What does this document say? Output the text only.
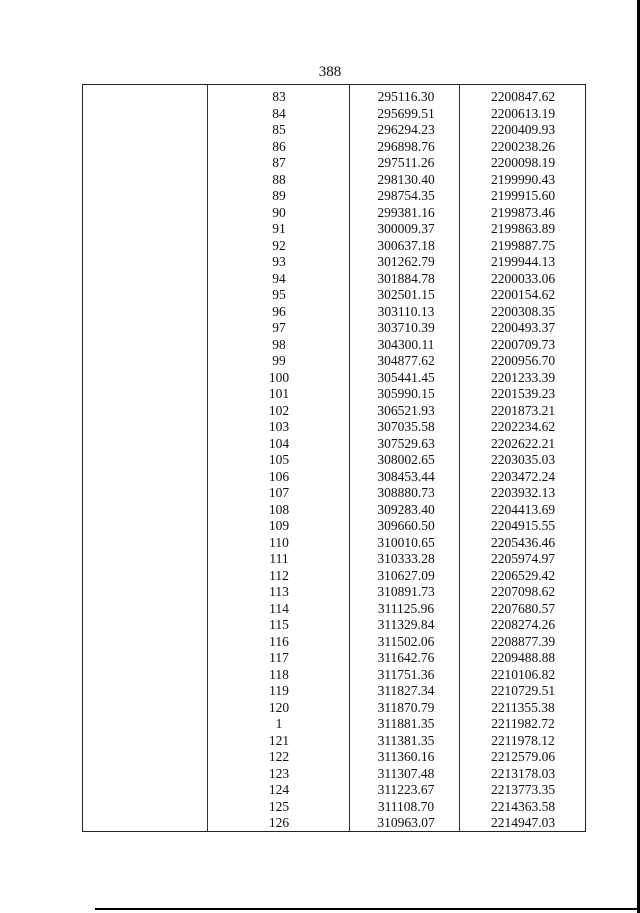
388
83	295116.30	2200847.62
84	295699.51	2200613.19
85	296294.23	2200409.93
86	296898.76	2200238.26
87	297511.26	2200098.19
88	298130.40	2199990.43
89	298754.35	2199915.60
90	299381.16	2199873.46
91	300009.37	2199863.89
92	300637.18	2199887.75
93	301262.79	2199944.13
94	301884.78	2200033.06
95	302501.15	2200154.62
96	303110.13	2200308.35
97	303710.39	2200493.37
98	304300.11	2200709.73
99	304877.62	2200956.70
100	305441.45	2201233.39
101	305990.15	2201539.23
102	306521.93	2201873.21
103	307035.58	2202234.62
104	307529.63	2202622.21
105	308002.65	2203035.03
106	308453.44	2203472.24
107	308880.73	2203932.13
108	309283.40	2204413.69
109	309660.50	2204915.55
110	310010.65	2205436.46
111	310333.28	2205974.97
112	310627.09	2206529.42
113	310891.73	2207098.62
114	311125.96	2207680.57
115	311329.84	2208274.26
116	311502.06	2208877.39
117	311642.76	2209488.88
118	311751.36	2210106.82
119	311827.34	2210729.51
120	311870.79	2211355.38
1	311881.35	2211982.72
121	311381.35	2211978.12
122	311360.16	2212579.06
123	311307.48	2213178.03
124	311223.67	2213773.35
125	311108.70	2214363.58
126	310963.07	2214947.03
